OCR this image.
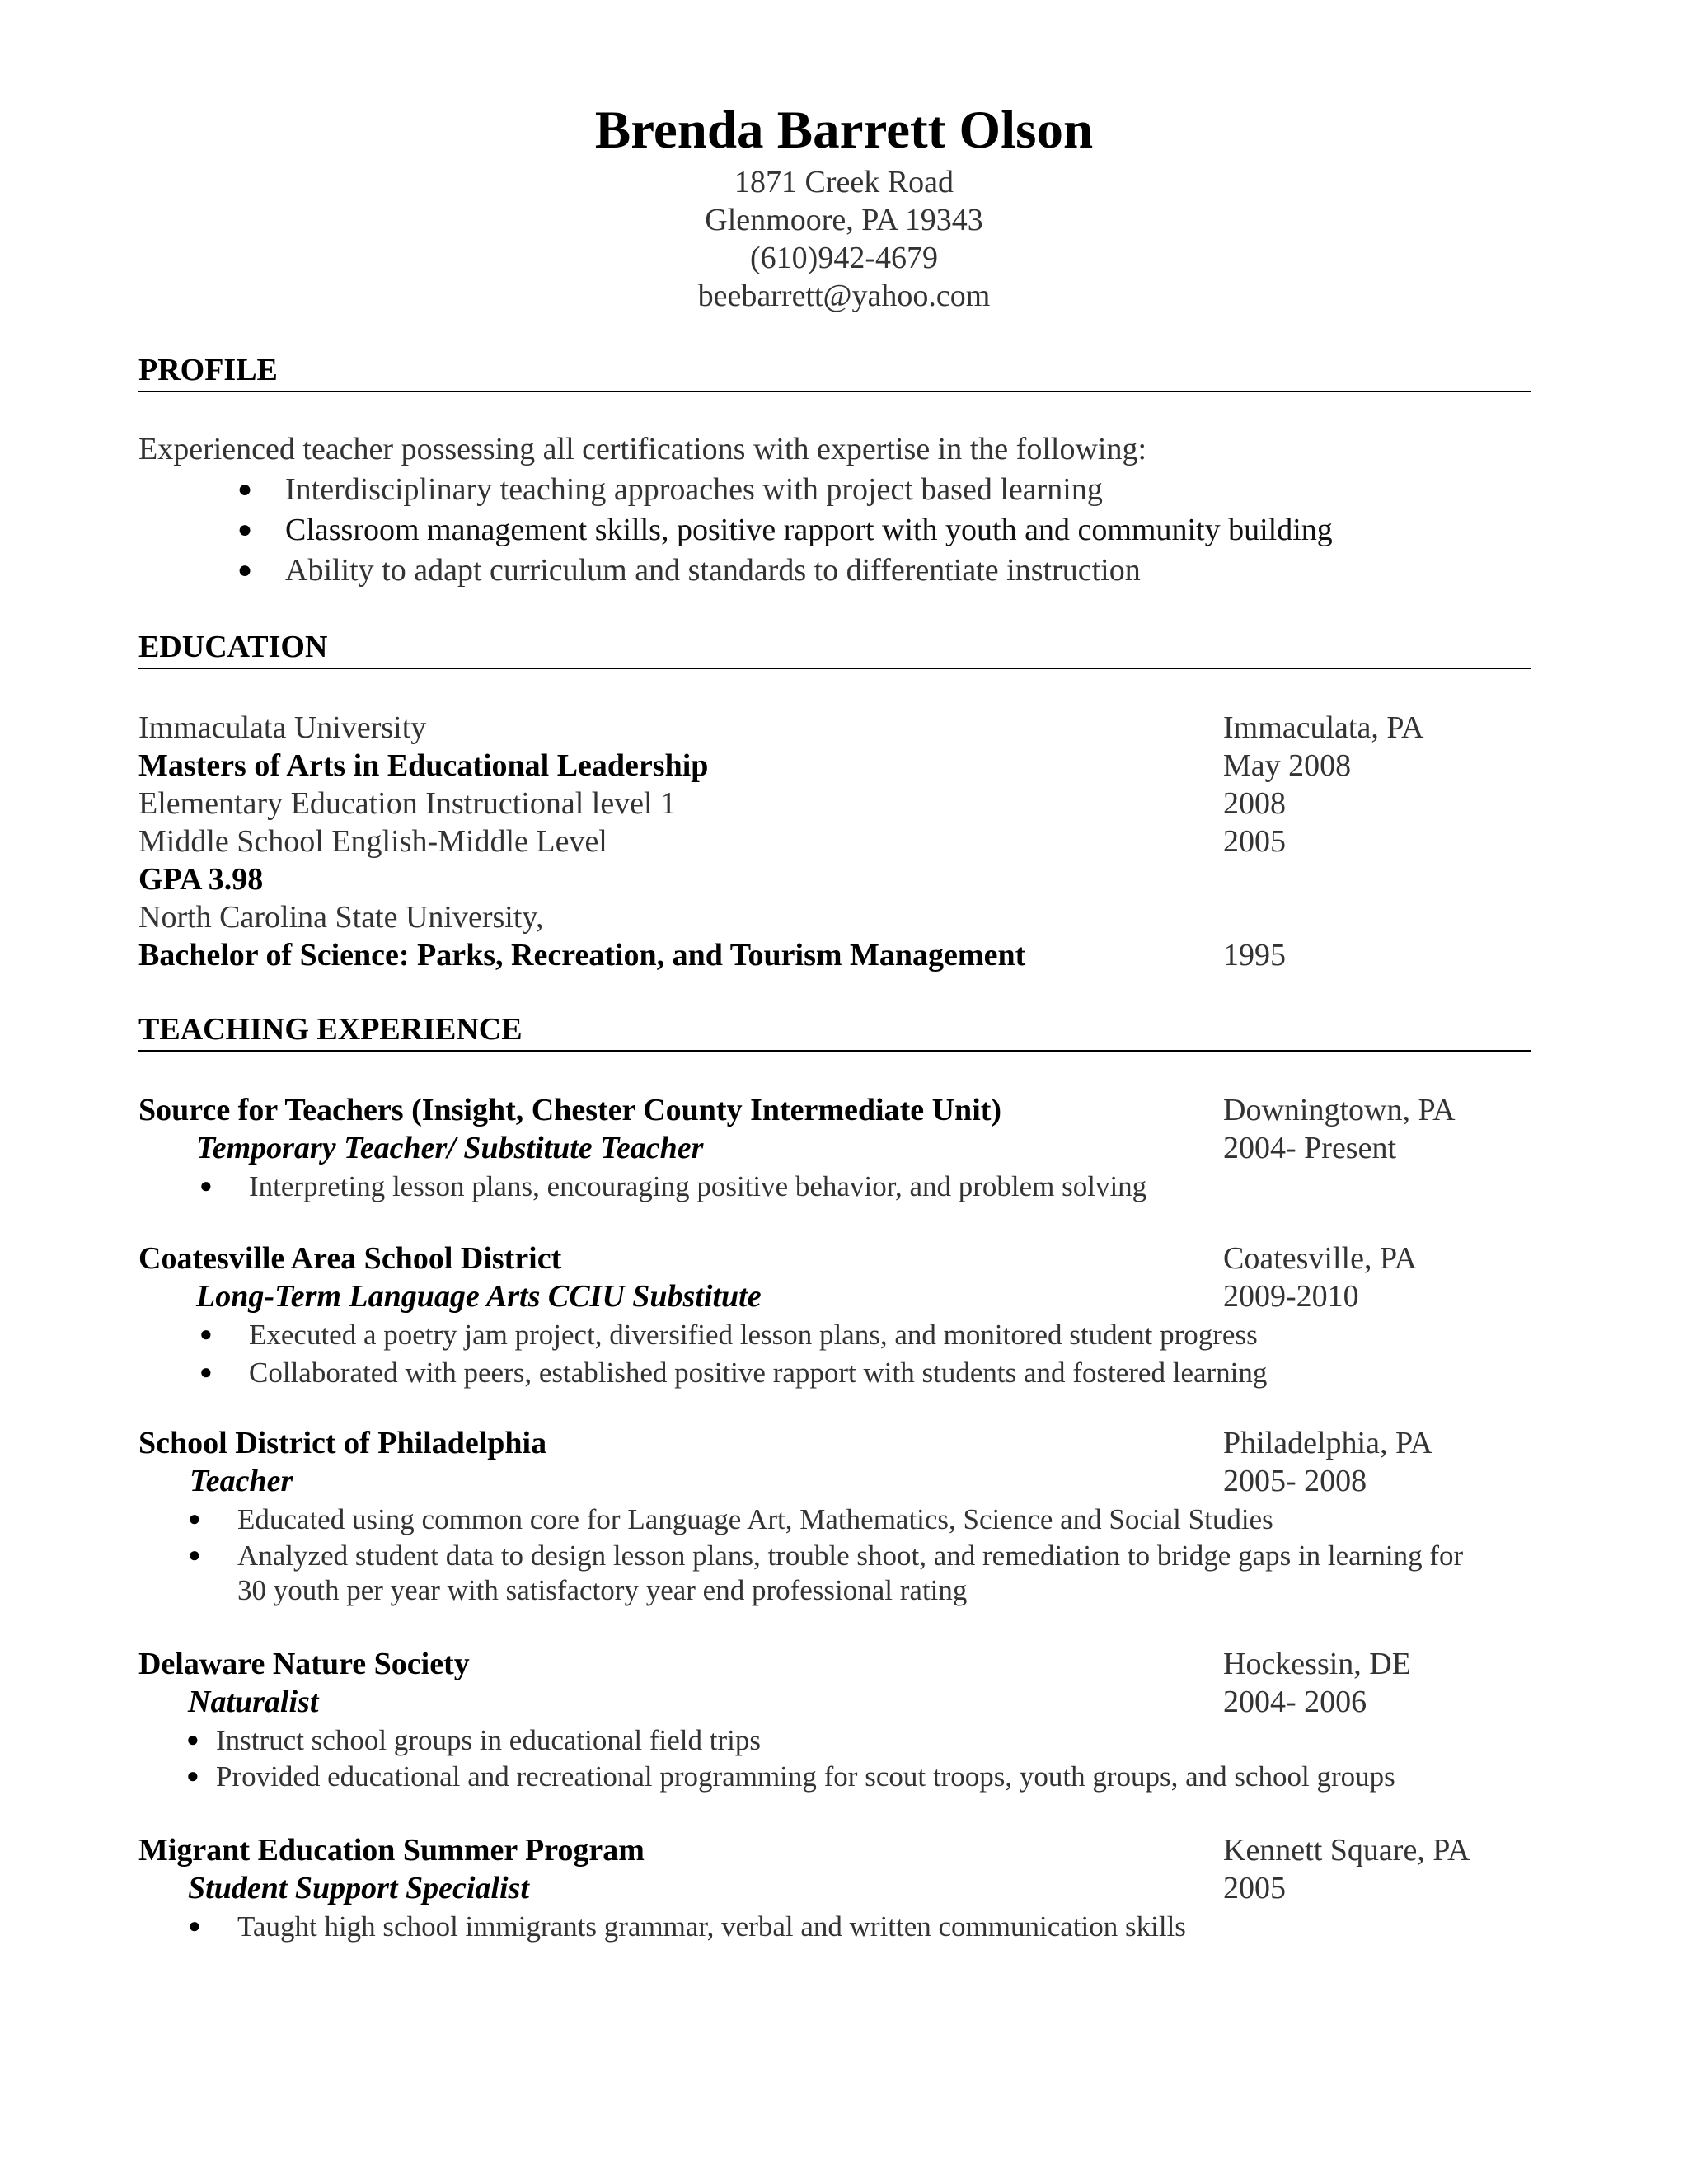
Brenda Barrett Olson
1871 Creek Road
Glenmoore, PA 19343
(610)942-4679
beebarrett@yahoo.com
PROFILE
Experienced teacher possessing all certifications with expertise in the following:
● Interdisciplinary teaching approaches with project based learning
● Classroom management skills, positive rapport with youth and community building
● Ability to adapt curriculum and standards to differentiate instruction
EDUCATION
Immaculata University	Immaculata, PA
Masters of Arts in Educational Leadership	May 2008
Elementary Education Instructional level 1	2008
Middle School English-Middle Level	2005
GPA 3.98
North Carolina State University,
Bachelor of Science: Parks, Recreation, and Tourism Management	1995
TEACHING EXPERIENCE
Source for Teachers (Insight, Chester County Intermediate Unit)	Downingtown, PA
Temporary Teacher/ Substitute Teacher	2004- Present
● Interpreting lesson plans, encouraging positive behavior, and problem solving
Coatesville Area School District	Coatesville, PA
Long-Term Language Arts CCIU Substitute	2009-2010
● Executed a poetry jam project, diversified lesson plans, and monitored student progress
● Collaborated with peers, established positive rapport with students and fostered learning
School District of Philadelphia	Philadelphia, PA
Teacher	2005- 2008
● Educated using common core for Language Art, Mathematics, Science and Social Studies
● Analyzed student data to design lesson plans, trouble shoot, and remediation to bridge gaps in learning for
30 youth per year with satisfactory year end professional rating
Delaware Nature Society	Hockessin, DE
Naturalist	2004- 2006
● Instruct school groups in educational field trips
● Provided educational and recreational programming for scout troops, youth groups, and school groups
Migrant Education Summer Program	Kennett Square, PA
Student Support Specialist	2005
● Taught high school immigrants grammar, verbal and written communication skills
